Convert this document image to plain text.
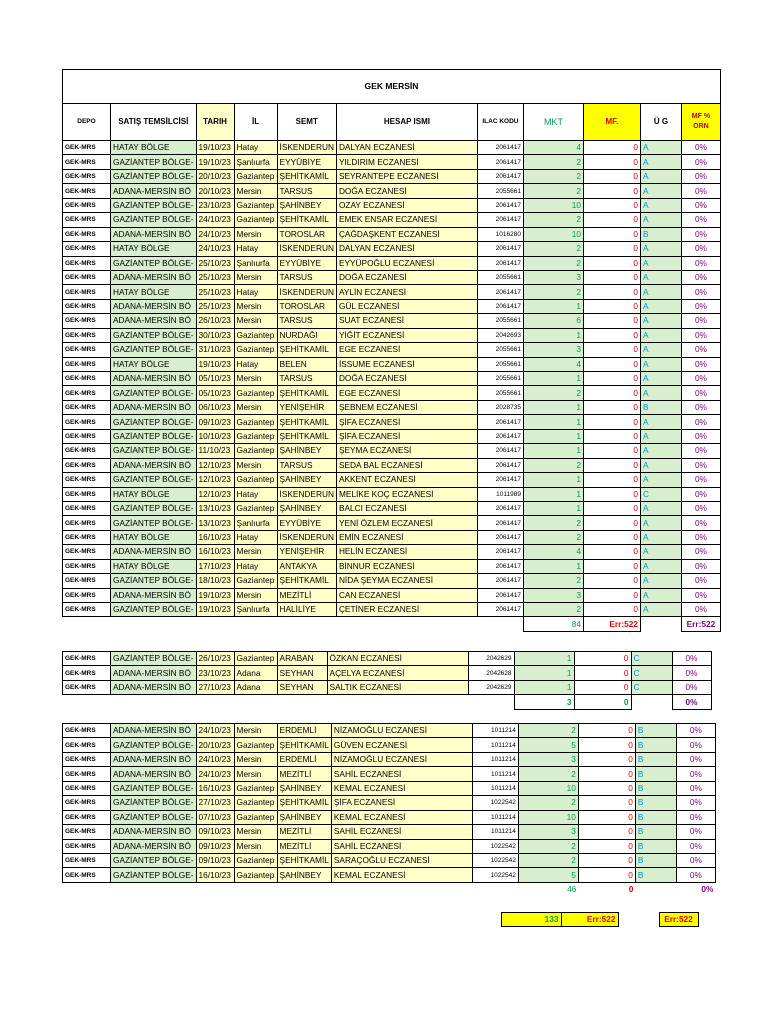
GEK MERSİN										
DEPO	SATIŞ TEMSİLCİSİ	TARIH	İL	SEMT	HESAP ISMI	ILAC KODU	MKT	MF.	Ü G	MF % ORN
GEK-MRS	HATAY BÖLGE	19/10/23	Hatay	İSKENDERUN	DALYAN ECZANESİ	2061417	4	0	A	0%
GEK-MRS	GAZİANTEP BÖLGE-	19/10/23	Şanlıurfa	EYYÜBİYE	YILDIRIM ECZANESİ	2061417	2	0	A	0%
GEK-MRS	GAZİANTEP BÖLGE-	20/10/23	Gaziantep	ŞEHİTKAMİL	SEYRANTEPE ECZANESİ	2061417	2	0	A	0%
GEK-MRS	ADANA-MERSİN BÖ	20/10/23	Mersin	TARSUS	DOĞA ECZANESİ	2055661	2	0	A	0%
GEK-MRS	GAZİANTEP BÖLGE-	23/10/23	Gaziantep	ŞAHİNBEY	OZAY ECZANESİ	2061417	10	0	A	0%
GEK-MRS	GAZİANTEP BÖLGE-	24/10/23	Gaziantep	ŞEHİTKAMİL	EMEK ENSAR ECZANESİ	2061417	2	0	A	0%
GEK-MRS	ADANA-MERSİN BÖ	24/10/23	Mersin	TOROSLAR	ÇAĞDAŞKENT ECZANESİ	1016280	10	0	B	0%
GEK-MRS	HATAY BÖLGE	24/10/23	Hatay	İSKENDERUN	DALYAN ECZANESİ	2061417	2	0	A	0%
GEK-MRS	GAZİANTEP BÖLGE-	25/10/23	Şanlıurfa	EYYÜBİYE	EYYÜPOĞLU ECZANESİ	2061417	2	0	A	0%
GEK-MRS	ADANA-MERSİN BÖ	25/10/23	Mersin	TARSUS	DOĞA ECZANESİ	2055661	3	0	A	0%
GEK-MRS	HATAY BÖLGE	25/10/23	Hatay	İSKENDERUN	AYLİN ECZANESİ	2061417	2	0	A	0%
GEK-MRS	ADANA-MERSİN BÖ	25/10/23	Mersin	TOROSLAR	GÜL ECZANESİ	2061417	1	0	A	0%
GEK-MRS	ADANA-MERSİN BÖ	26/10/23	Mersin	TARSUS	SUAT ECZANESİ	2055661	6	0	A	0%
GEK-MRS	GAZİANTEP BÖLGE-	30/10/23	Gaziantep	NURDAĞI	YİĞİT ECZANESİ	2042693	1	0	A	0%
GEK-MRS	GAZİANTEP BÖLGE-	31/10/23	Gaziantep	ŞEHİTKAMİL	EGE ECZANESİ	2055661	3	0	A	0%
GEK-MRS	HATAY BÖLGE	19/10/23	Hatay	BELEN	İSSUME ECZANESİ	2055661	4	0	A	0%
GEK-MRS	ADANA-MERSİN BÖ	05/10/23	Mersin	TARSUS	DOĞA ECZANESİ	2055661	1	0	A	0%
GEK-MRS	GAZİANTEP BÖLGE-	05/10/23	Gaziantep	ŞEHİTKAMİL	EGE ECZANESİ	2055661	2	0	A	0%
GEK-MRS	ADANA-MERSİN BÖ	06/10/23	Mersin	YENİŞEHİR	ŞEBNEM ECZANESİ	2028735	1	0	B	0%
GEK-MRS	GAZİANTEP BÖLGE-	09/10/23	Gaziantep	ŞEHİTKAMİL	ŞİFA ECZANESİ	2061417	1	0	A	0%
GEK-MRS	GAZİANTEP BÖLGE-	10/10/23	Gaziantep	ŞEHİTKAMİL	ŞİFA ECZANESİ	2061417	1	0	A	0%
GEK-MRS	GAZİANTEP BÖLGE-	11/10/23	Gaziantep	ŞAHİNBEY	ŞEYMA ECZANESİ	2061417	1	0	A	0%
GEK-MRS	ADANA-MERSİN BÖ	12/10/23	Mersin	TARSUS	SEDA BAL ECZANESİ	2061417	2	0	A	0%
GEK-MRS	GAZİANTEP BÖLGE-	12/10/23	Gaziantep	ŞAHİNBEY	AKKENT ECZANESİ	2061417	1	0	A	0%
GEK-MRS	HATAY BÖLGE	12/10/23	Hatay	İSKENDERUN	MELİKE KOÇ ECZANESİ	1011989	1	0	C	0%
GEK-MRS	GAZİANTEP BÖLGE-	13/10/23	Gaziantep	ŞAHİNBEY	BALCI ECZANESİ	2061417	1	0	A	0%
GEK-MRS	GAZİANTEP BÖLGE-	13/10/23	Şanlıurfa	EYYÜBİYE	YENİ ÖZLEM ECZANESİ	2061417	2	0	A	0%
GEK-MRS	HATAY BÖLGE	16/10/23	Hatay	İSKENDERUN	EMİN ECZANESİ	2061417	2	0	A	0%
GEK-MRS	ADANA-MERSİN BÖ	16/10/23	Mersin	YENİŞEHİR	HELİN ECZANESİ	2061417	4	0	A	0%
GEK-MRS	HATAY BÖLGE	17/10/23	Hatay	ANTAKYA	BİNNUR ECZANESİ	2061417	1	0	A	0%
GEK-MRS	GAZİANTEP BÖLGE-	18/10/23	Gaziantep	ŞEHİTKAMİL	NİDA ŞEYMA ECZANESİ	2061417	2	0	A	0%
GEK-MRS	ADANA-MERSİN BÖ	19/10/23	Mersin	MEZİTLİ	CAN ECZANESİ	2061417	3	0	A	0%
GEK-MRS	GAZİANTEP BÖLGE-	19/10/23	Şanlıurfa	HALİLİYE	ÇETİNER ECZANESİ	2061417	2	0	A	0%
							84	Err:522		Err:522
GEK-MRS	GAZİANTEP BÖLGE-	26/10/23	Gaziantep	ARABAN	ÖZKAN ECZANESİ	2042629	1	0	C	0%
GEK-MRS	ADANA-MERSİN BÖ	23/10/23	Adana	SEYHAN	AÇELYA ECZANESİ	2042628	1	0	C	0%
GEK-MRS	ADANA-MERSİN BÖ	27/10/23	Adana	SEYHAN	SALTIK ECZANESİ	2042629	1	0	C	0%
							3	0		0%
GEK-MRS	ADANA-MERSİN BÖ	24/10/23	Mersin	ERDEMLİ	NİZAMOĞLU ECZANESİ	1011214	2	0	B	0%
GEK-MRS	GAZİANTEP BÖLGE-	20/10/23	Gaziantep	ŞEHİTKAMİL	GÜVEN ECZANESİ	1011214	5	0	B	0%
GEK-MRS	ADANA-MERSİN BÖ	24/10/23	Mersin	ERDEMLİ	NİZAMOĞLU ECZANESİ	1011214	3	0	B	0%
GEK-MRS	ADANA-MERSİN BÖ	24/10/23	Mersin	MEZİTLİ	SAHİL ECZANESİ	1011214	2	0	B	0%
GEK-MRS	GAZİANTEP BÖLGE-	16/10/23	Gaziantep	ŞAHİNBEY	KEMAL ECZANESİ	1011214	10	0	B	0%
GEK-MRS	GAZİANTEP BÖLGE-	27/10/23	Gaziantep	ŞEHİTKAMİL	ŞİFA ECZANESİ	1022542	2	0	B	0%
GEK-MRS	GAZİANTEP BÖLGE-	07/10/23	Gaziantep	ŞAHİNBEY	KEMAL ECZANESİ	1011214	10	0	B	0%
GEK-MRS	ADANA-MERSİN BÖ	09/10/23	Mersin	MEZİTLİ	SAHİL ECZANESİ	1011214	3	0	B	0%
GEK-MRS	ADANA-MERSİN BÖ	09/10/23	Mersin	MEZİTLİ	SAHİL ECZANESİ	1022542	2	0	B	0%
GEK-MRS	GAZİANTEP BÖLGE-	09/10/23	Gaziantep	ŞEHİTKAMİL	SARAÇOĞLU ECZANESİ	1022542	2	0	B	0%
GEK-MRS	GAZİANTEP BÖLGE-	16/10/23	Gaziantep	ŞAHİNBEY	KEMAL ECZANESİ	1022542	5	0	B	0%
							46	0		0%
	133	Err:522		Err:522
